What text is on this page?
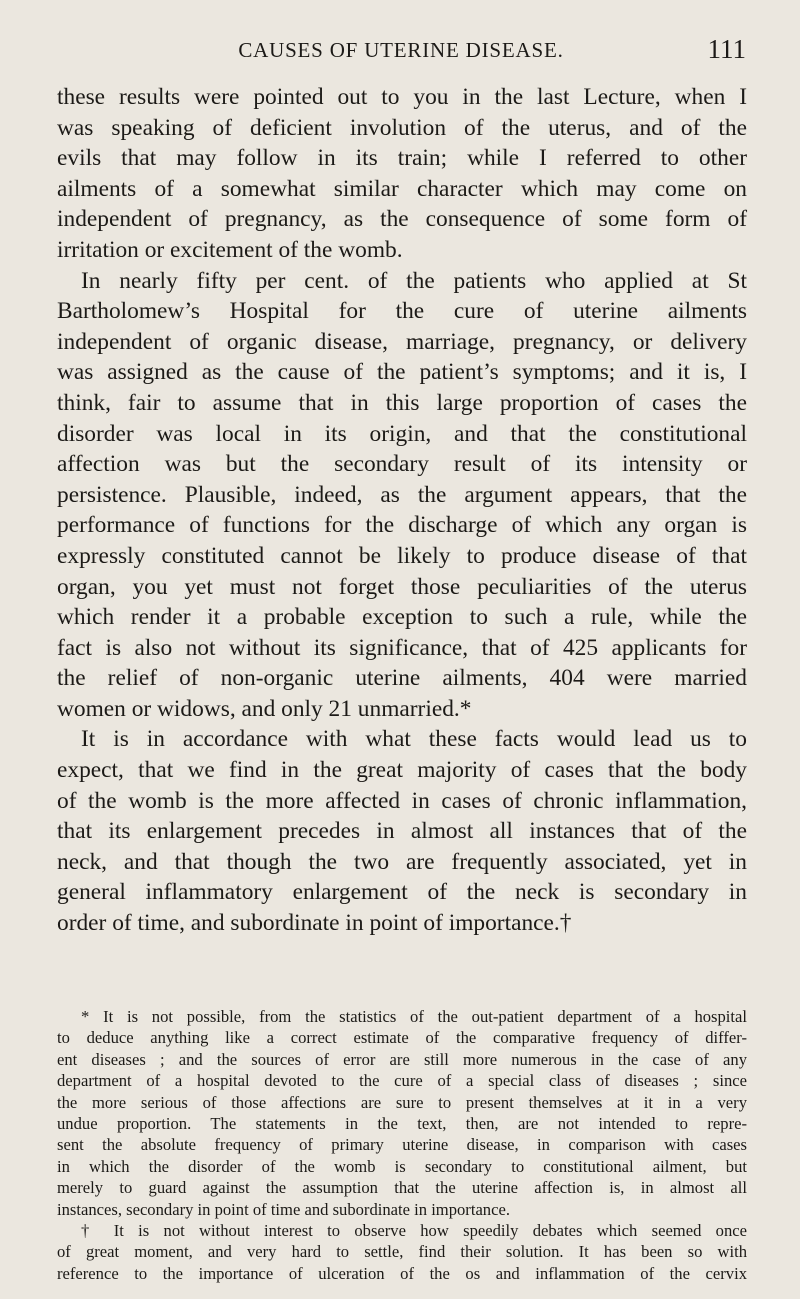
CAUSES OF UTERINE DISEASE.	111
these results were pointed out to you in the last Lecture, when I
was speaking of deficient involution of the uterus, and of the
evils that may follow in its train; while I referred to other
ailments of a somewhat similar character which may come on
independent of pregnancy, as the consequence of some form of
irritation or excitement of the womb.
In nearly fifty per cent. of the patients who applied at St
Bartholomew’s Hospital for the cure of uterine ailments
independent of organic disease, marriage, pregnancy, or delivery
was assigned as the cause of the patient’s symptoms; and it is, I
think, fair to assume that in this large proportion of cases the
disorder was local in its origin, and that the constitutional
affection was but the secondary result of its intensity or
persistence. Plausible, indeed, as the argument appears, that the
performance of functions for the discharge of which any organ is
expressly constituted cannot be likely to produce disease of that
organ, you yet must not forget those peculiarities of the uterus
which render it a probable exception to such a rule, while the
fact is also not without its significance, that of 425 applicants for
the relief of non-organic uterine ailments, 404 were married
women or widows, and only 21 unmarried.*
It is in accordance with what these facts would lead us to
expect, that we find in the great majority of cases that the body
of the womb is the more affected in cases of chronic inflammation,
that its enlargement precedes in almost all instances that of the
neck, and that though the two are frequently associated, yet in
general inflammatory enlargement of the neck is secondary in
order of time, and subordinate in point of importance.†
* It is not possible, from the statistics of the out-patient department of a hospital
to deduce anything like a correct estimate of the comparative frequency of differ-
ent diseases ; and the sources of error are still more numerous in the case of any
department of a hospital devoted to the cure of a special class of diseases ; since
the more serious of those affections are sure to present themselves at it in a very
undue proportion. The statements in the text, then, are not intended to repre-
sent the absolute frequency of primary uterine disease, in comparison with cases
in which the disorder of the womb is secondary to constitutional ailment, but
merely to guard against the assumption that the uterine affection is, in almost all
instances, secondary in point of time and subordinate in importance.
† It is not without interest to observe how speedily debates which seemed once
of great moment, and very hard to settle, find their solution. It has been so with
reference to the importance of ulceration of the os and inflammation of the cervix
